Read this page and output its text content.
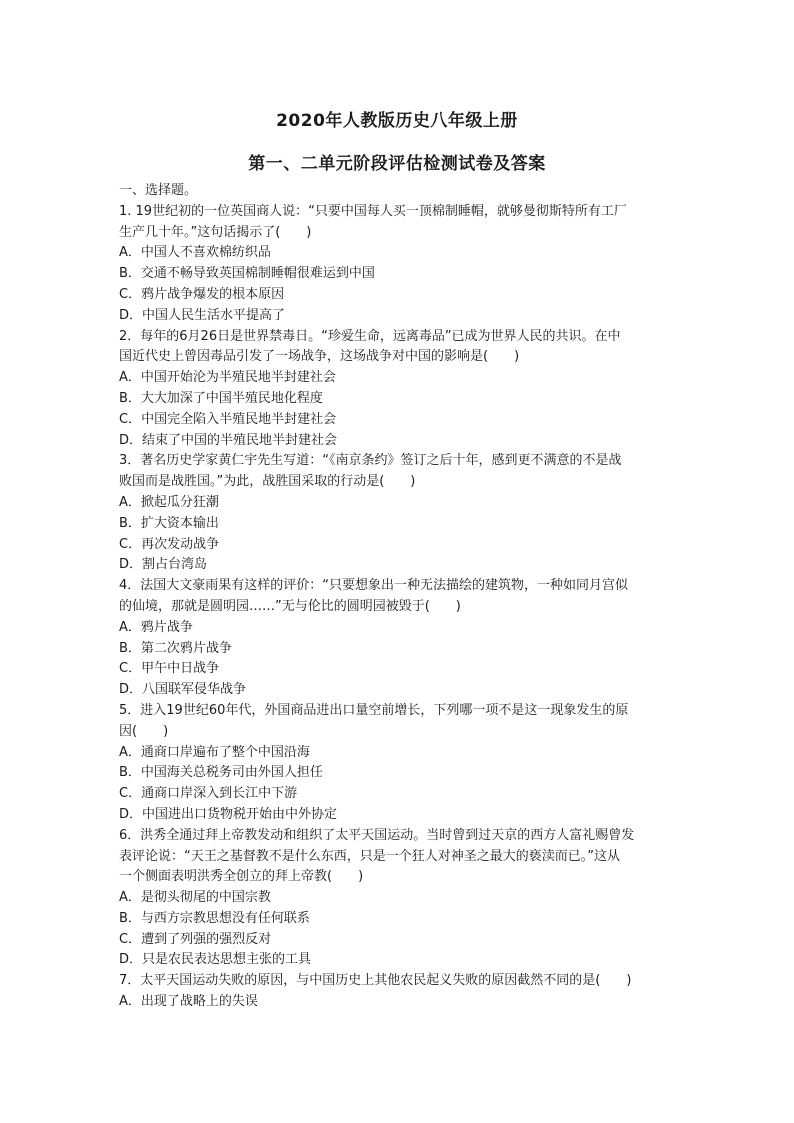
2020年人教版历史八年级上册
第一、二单元阶段评估检测试卷及答案
一、选择题。
1. 19世纪初的一位英国商人说：“只要中国每人买一顶棉制睡帽，就够曼彻斯特所有工厂
生产几十年。”这句话揭示了(　　)
A．中国人不喜欢棉纺织品
B．交通不畅导致英国棉制睡帽很难运到中国
C．鸦片战争爆发的根本原因
D．中国人民生活水平提高了
2．每年的6月26日是世界禁毒日。“珍爱生命，远离毒品”已成为世界人民的共识。在中
国近代史上曾因毒品引发了一场战争，这场战争对中国的影响是(　　)
A．中国开始沦为半殖民地半封建社会
B．大大加深了中国半殖民地化程度
C．中国完全陷入半殖民地半封建社会
D．结束了中国的半殖民地半封建社会
3．著名历史学家黄仁宇先生写道：“《南京条约》签订之后十年，感到更不满意的不是战
败国而是战胜国。”为此，战胜国采取的行动是(　　)
A．掀起瓜分狂潮
B．扩大资本输出
C．再次发动战争
D．割占台湾岛
4．法国大文豪雨果有这样的评价：“只要想象出一种无法描绘的建筑物，一种如同月宫似
的仙境，那就是圆明园……”无与伦比的圆明园被毁于(　　)
A．鸦片战争
B．第二次鸦片战争
C．甲午中日战争
D．八国联军侵华战争
5．进入19世纪60年代，外国商品进出口量空前增长，下列哪一项不是这一现象发生的原
因(　　)
A．通商口岸遍布了整个中国沿海
B．中国海关总税务司由外国人担任
C．通商口岸深入到长江中下游
D．中国进出口货物税开始由中外协定
6．洪秀全通过拜上帝教发动和组织了太平天国运动。当时曾到过天京的西方人富礼赐曾发
表评论说：“天王之基督教不是什么东西，只是一个狂人对神圣之最大的亵渎而已。”这从
一个侧面表明洪秀全创立的拜上帝教(　　)
A．是彻头彻尾的中国宗教
B．与西方宗教思想没有任何联系
C．遭到了列强的强烈反对
D．只是农民表达思想主张的工具
7．太平天国运动失败的原因，与中国历史上其他农民起义失败的原因截然不同的是(　　)
A．出现了战略上的失误
